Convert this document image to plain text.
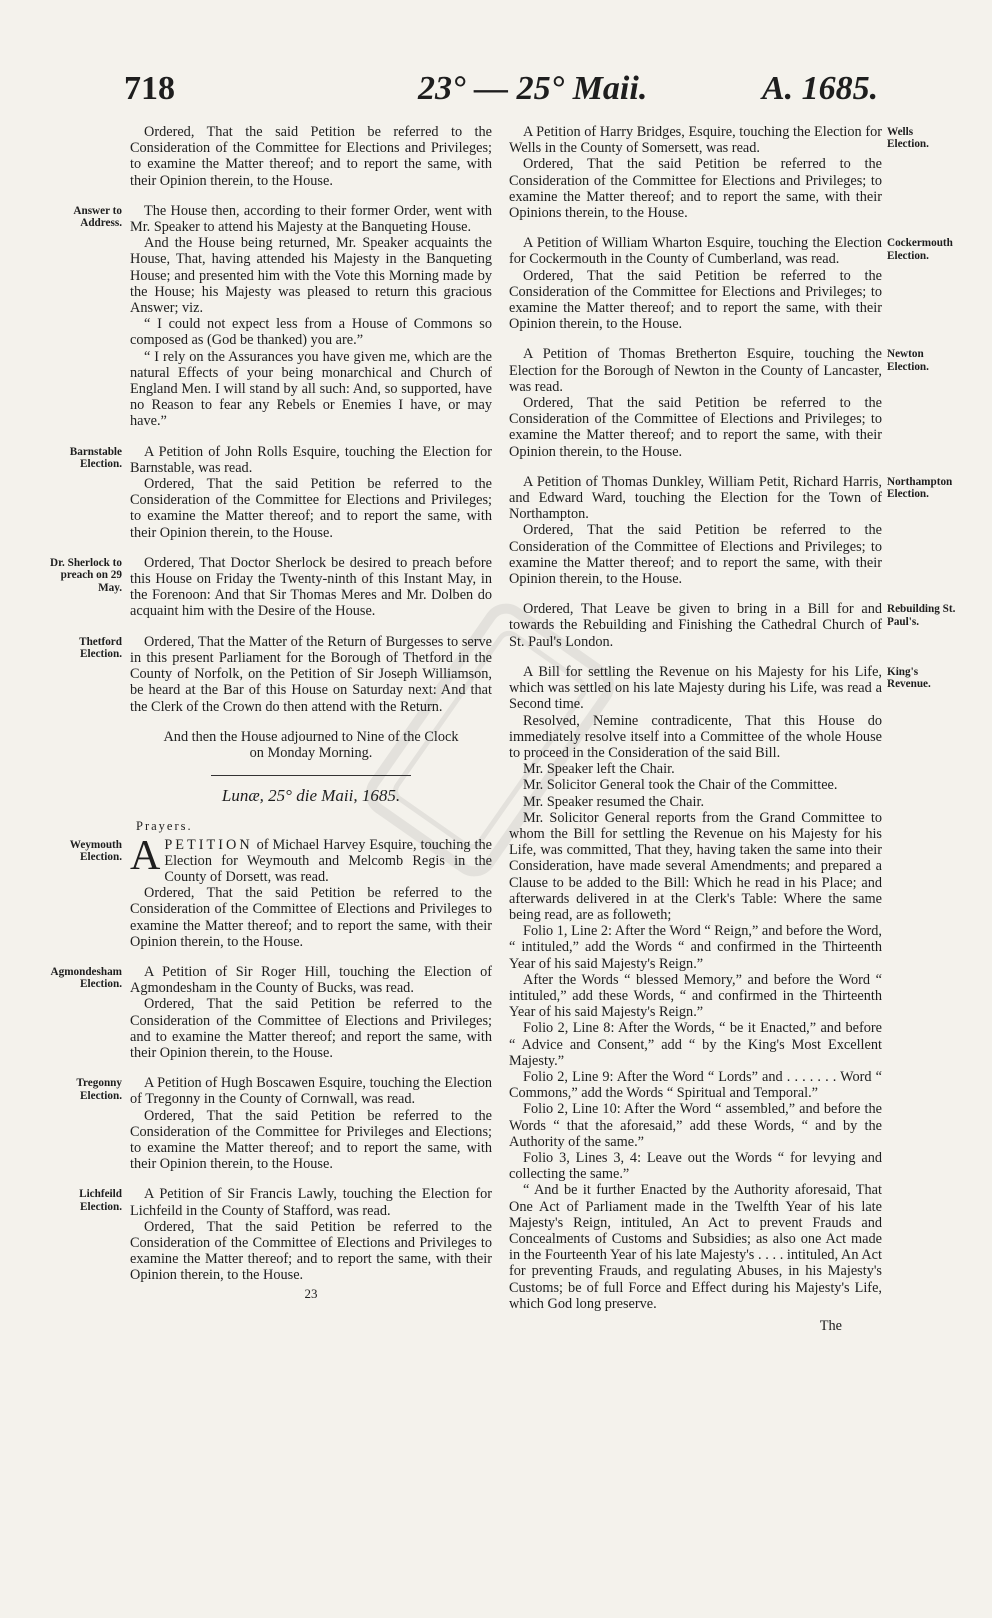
718	23° — 25° Maii.	A. 1685.

Ordered, That the said Petition be referred to the Consideration of the Committee for Elections and Privileges; to examine the Matter thereof; and to report the same, with their Opinion therein, to the House.

Answer to Address.

The House then, according to their former Order, went with Mr. Speaker to attend his Majesty at the Banqueting House.

And the House being returned, Mr. Speaker acquaints the House, That, having attended his Majesty in the Banqueting House; and presented him with the Vote this Morning made by the House; his Majesty was pleased to return this gracious Answer; viz.

“ I could not expect less from a House of Commons so composed as (God be thanked) you are.”

“ I rely on the Assurances you have given me, which are the natural Effects of your being monarchical and Church of England Men. I will stand by all such: And, so supported, have no Reason to fear any Rebels or Enemies I have, or may have.”

Barnstable Election.

A Petition of John Rolls Esquire, touching the Election for Barnstable, was read.

Ordered, That the said Petition be referred to the Consideration of the Committee for Elections and Privileges; to examine the Matter thereof; and to report the same, with their Opinion therein, to the House.

Dr. Sherlock to preach on 29 May.

Ordered, That Doctor Sherlock be desired to preach before this House on Friday the Twenty-ninth of this Instant May, in the Forenoon: And that Sir Thomas Meres and Mr. Dolben do acquaint him with the Desire of the House.

Thetford Election.

Ordered, That the Matter of the Return of Burgesses to serve in this present Parliament for the Borough of Thetford in the County of Norfolk, on the Petition of Sir Joseph Williamson, be heard at the Bar of this House on Saturday next: And that the Clerk of the Crown do then attend with the Return.

And then the House adjourned to Nine of the Clock on Monday Morning.

Lunæ, 25° die Maii, 1685.
Prayers.
Weymouth Election. APETITION of Michael Harvey Esquire, touching the Election for Weymouth and Melcomb Regis in the County of Dorsett, was read.

Ordered, That the said Petition be referred to the Consideration of the Committee of Elections and Privileges to examine the Matter thereof; and to report the same, with their Opinion therein, to the House.

Agmondesham Election.

A Petition of Sir Roger Hill, touching the Election of Agmondesham in the County of Bucks, was read.

Ordered, That the said Petition be referred to the Consideration of the Committee of Elections and Privileges; and to examine the Matter thereof; and report the same, with their Opinion therein, to the House.

Tregonny Election.

A Petition of Hugh Boscawen Esquire, touching the Election of Tregonny in the County of Cornwall, was read.

Ordered, That the said Petition be referred to the Consideration of the Committee for Privileges and Elections; to examine the Matter thereof; and to report the same, with their Opinion therein, to the House.

Lichfeild Election.

A Petition of Sir Francis Lawly, touching the Election for Lichfeild in the County of Stafford, was read.

Ordered, That the said Petition be referred to the Consideration of the Committee of Elections and Privileges to examine the Matter thereof; and to report the same, with their Opinion therein, to the House.

23
Wells Election.

A Petition of Harry Bridges, Esquire, touching the Election for Wells in the County of Somersett, was read.

Ordered, That the said Petition be referred to the Consideration of the Committee for Elections and Privileges; to examine the Matter thereof; and to report the same, with their Opinions therein, to the House.

Cockermouth Election.

A Petition of William Wharton Esquire, touching the Election for Cockermouth in the County of Cumberland, was read.

Ordered, That the said Petition be referred to the Consideration of the Committee for Elections and Privileges; to examine the Matter thereof; and to report the same, with their Opinion therein, to the House.

Newton Election.

A Petition of Thomas Bretherton Esquire, touching the Election for the Borough of Newton in the County of Lancaster, was read.

Ordered, That the said Petition be referred to the Consideration of the Committee of Elections and Privileges; to examine the Matter thereof; and to report the same, with their Opinion therein, to the House.

Northampton Election.

A Petition of Thomas Dunkley, William Petit, Richard Harris, and Edward Ward, touching the Election for the Town of Northampton.

Ordered, That the said Petition be referred to the Consideration of the Committee of Elections and Privileges; to examine the Matter thereof; and to report the same, with their Opinion therein, to the House.

Rebuilding St. Paul's.

Ordered, That Leave be given to bring in a Bill for and towards the Rebuilding and Finishing the Cathedral Church of St. Paul's London.

King's Revenue.

A Bill for settling the Revenue on his Majesty for his Life, which was settled on his late Majesty during his Life, was read a Second time.

Resolved, Nemine contradicente, That this House do immediately resolve itself into a Committee of the whole House to proceed in the Consideration of the said Bill.

Mr. Speaker left the Chair.

Mr. Solicitor General took the Chair of the Committee.

Mr. Speaker resumed the Chair.

Mr. Solicitor General reports from the Grand Committee to whom the Bill for settling the Revenue on his Majesty for his Life, was committed, That they, having taken the same into their Consideration, have made several Amendments; and prepared a Clause to be added to the Bill: Which he read in his Place; and afterwards delivered in at the Clerk's Table: Where the same being read, are as followeth;

Folio 1, Line 2: After the Word “ Reign,” and before the Word, “ intituled,” add the Words “ and confirmed in the Thirteenth Year of his said Majesty's Reign.”

After the Words “ blessed Memory,” and before the Word “ intituled,” add these Words, “ and confirmed in the Thirteenth Year of his said Majesty's Reign.”

Folio 2, Line 8: After the Words, “ be it Enacted,” and before “ Advice and Consent,” add “ by the King's Most Excellent Majesty.”

Folio 2, Line 9: After the Word “ Lords” and . . . . . . . Word “ Commons,” add the Words “ Spiritual and Temporal.”

Folio 2, Line 10: After the Word “ assembled,” and before the Words “ that the aforesaid,” add these Words, “ and by the Authority of the same.”

Folio 3, Lines 3, 4: Leave out the Words “ for levying and collecting the same.”

“ And be it further Enacted by the Authority aforesaid, That One Act of Parliament made in the Twelfth Year of his late Majesty's Reign, intituled, An Act to prevent Frauds and Concealments of Customs and Subsidies; as also one Act made in the Fourteenth Year of his late Majesty's . . . . intituled, An Act for preventing Frauds, and regulating Abuses, in his Majesty's Customs; be of full Force and Effect during his Majesty's Life, which God long preserve.

The
